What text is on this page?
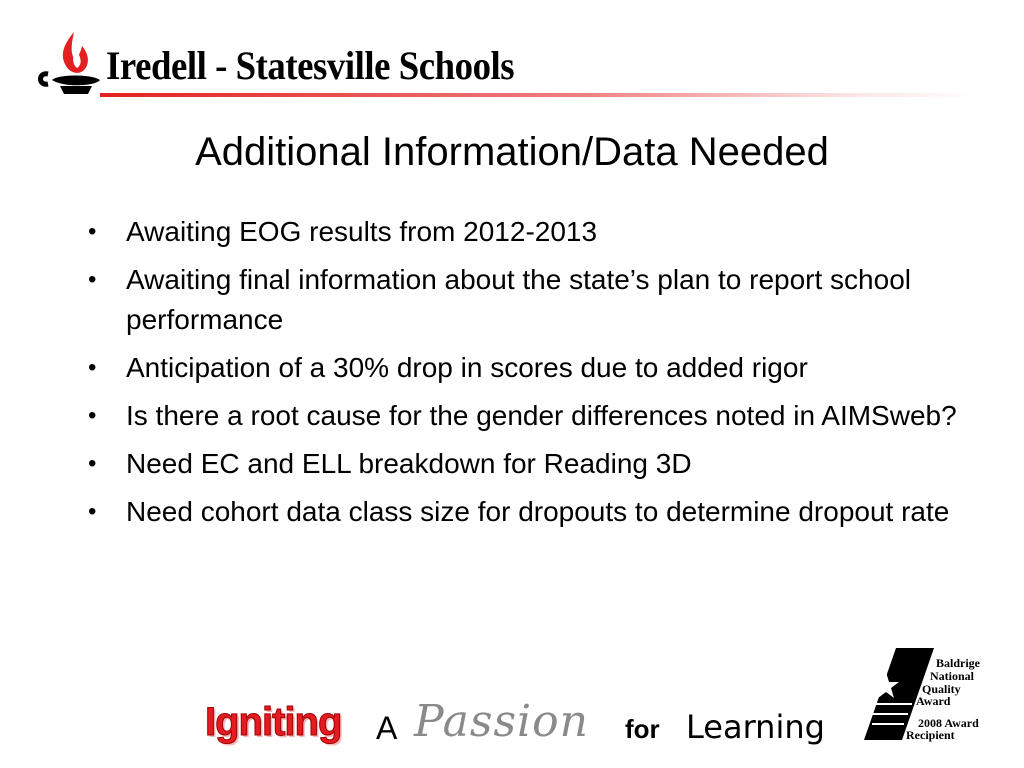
Iredell - Statesville Schools
Additional Information/Data Needed
• Awaiting EOG results from 2012-2013
• Awaiting final information about the state’s plan to report school performance
• Anticipation of a 30% drop in scores due to added rigor
• Is there a root cause for the gender differences noted in AIMSweb?
• Need EC and ELL breakdown for Reading 3D
• Need cohort data class size for dropouts to determine dropout rate
Igniting A Passion for Learning
Baldrige
National
Quality
Award
2008 Award
Recipient
